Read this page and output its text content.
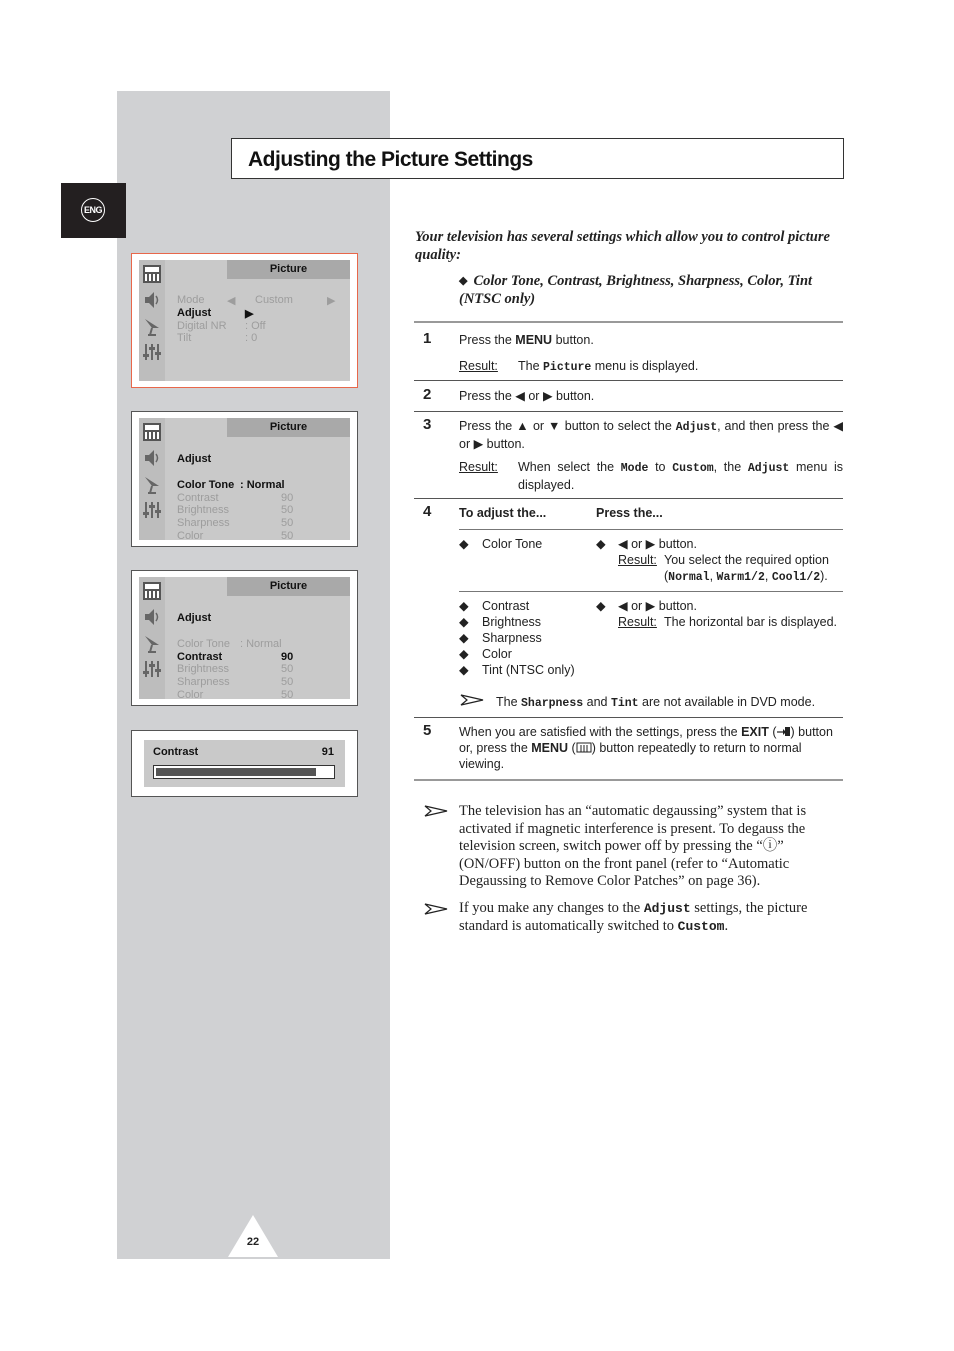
ENG
Adjusting the Picture Settings
Picture
Mode ◀ Custom	▶
Adjust	▶
Digital NR : Off
Tilt	: 0
Picture
Adjust
Color Tone : Normal
Contrast	90
Brightness	50
Sharpness	50
Color	50
Picture
Adjust
Color Tone : Normal
Contrast	90
Brightness	50
Sharpness	50
Color	50
Contrast	91
Your television has several settings which allow you to control picture quality:
◆ Color Tone, Contrast, Brightness, Sharpness, Color, Tint (NTSC only)
1 Press the MENU button.
Result: The Picture menu is displayed.
2 Press the ◀ or ▶ button.
3 Press the ▲ or ▼ button to select the Adjust, and then press the ◀ or ▶ button.
Result: When select the Mode to Custom, the Adjust menu is displayed.
4 To adjust the...	Press the...
◆ Color Tone	◆ ◀ or ▶ button.
Result: You select the required option
(Normal, Warm1/2, Cool1/2).
◆ Contrast
◆ Brightness
◆ Sharpness
◆ Color
◆ Tint (NTSC only)
◆ ◀ or ▶ button.
Result: The horizontal bar is displayed.
The Sharpness and Tint are not available in DVD mode.
5 When you are satisfied with the settings, press the EXIT ( ) button
or, press the MENU ( ) button repeatedly to return to normal
viewing.
The television has an “automatic degaussing” system that is activated if magnetic interference is present. To degauss the television screen, switch power off by pressing the “ⓘ” (ON/OFF) button on the front panel (refer to “Automatic Degaussing to Remove Color Patches” on page 36).
If you make any changes to the Adjust settings, the picture standard is automatically switched to Custom.
22
